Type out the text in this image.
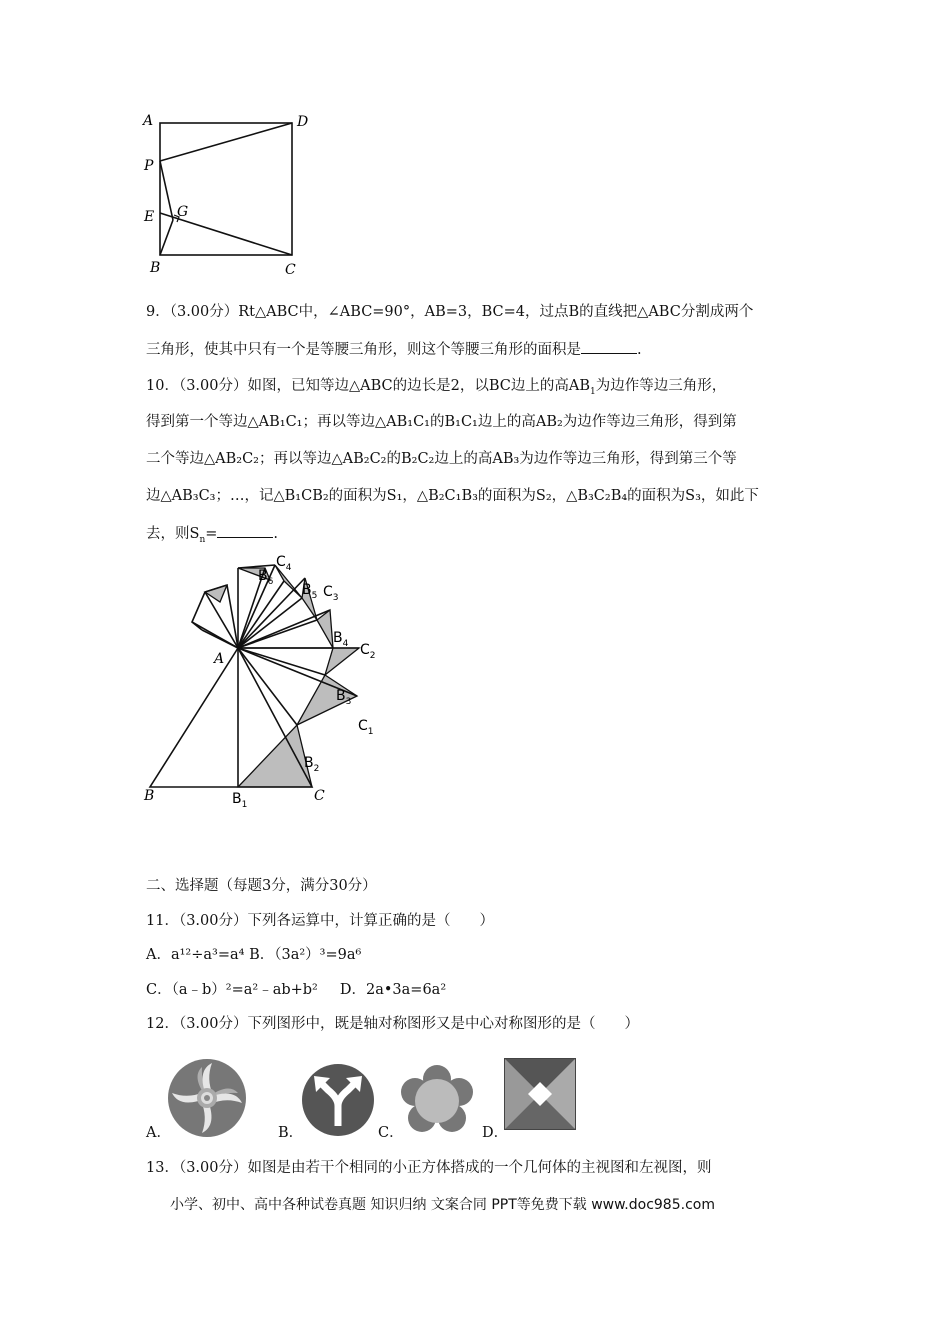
A	D
P
G
E
B	C
9．（3.00分）Rt△ABC中，∠ABC=90°，AB=3，BC=4，过点B的直线把△ABC分割成两个
三角形，使其中只有一个是等腰三角形，则这个等腰三角形的面积是	.
10．（3.00分）如图，已知等边△ABC的边长是2，以BC边上的高$AB_1$为边作等边三角形，
得到第一个等边△AB₁C₁；再以等边△AB₁C₁的B₁C₁边上的高AB₂为边作等边三角形，得到第
二个等边△AB₂C₂；再以等边△AB₂C₂的B₂C₂边上的高AB₃为边作等边三角形，得到第三个等
边△AB₃C₃；…，记△B₁CB₂的面积为S₁，△B₂C₁B₃的面积为S₂，△B₃C₂B₄的面积为S₃，如此下
去，则$S_n=$	.
A
B	C
$B_1$
$B_2$
$B_3$
$B_4$
$B_5$
$B_6$
$C_1$
$C_2$
$C_3$
$C_4$
二、选择题（每题3分，满分30分）
11．（3.00分）下列各运算中，计算正确的是（　　）
A．a¹²÷a³=a⁴ B．（3a²）³=9a⁶
C．（a﹣b）²=a²﹣ab+b² D．2a•3a=6a²
12．（3.00分）下列图形中，既是轴对称图形又是中心对称图形的是（　　）
A．	B．	C．	D．
13．（3.00分）如图是由若干个相同的小正方体搭成的一个几何体的主视图和左视图，则
小学、初中、高中各种试卷真题 知识归纳 文案合同 PPT等免费下载 www.doc985.com
